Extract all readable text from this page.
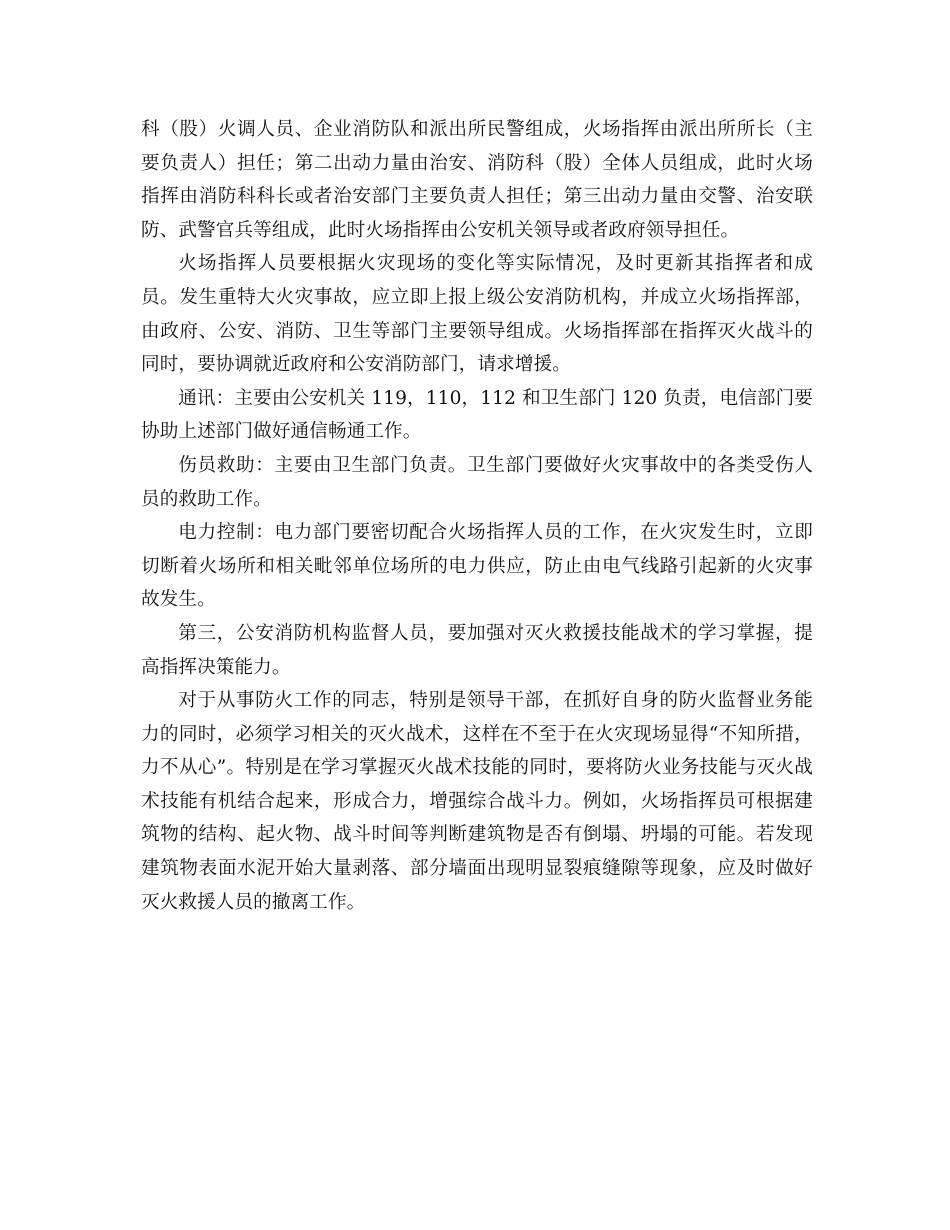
科（股）火调人员、企业消防队和派出所民警组成，火场指挥由派出所所长（主要负责人）担任；第二出动力量由治安、消防科（股）全体人员组成，此时火场指挥由消防科科长或者治安部门主要负责人担任；第三出动力量由交警、治安联防、武警官兵等组成，此时火场指挥由公安机关领导或者政府领导担任。

火场指挥人员要根据火灾现场的变化等实际情况，及时更新其指挥者和成员。发生重特大火灾事故，应立即上报上级公安消防机构，并成立火场指挥部，由政府、公安、消防、卫生等部门主要领导组成。火场指挥部在指挥灭火战斗的同时，要协调就近政府和公安消防部门，请求增援。

通讯：主要由公安机关 119，110，112 和卫生部门 120 负责，电信部门要协助上述部门做好通信畅通工作。

伤员救助：主要由卫生部门负责。卫生部门要做好火灾事故中的各类受伤人员的救助工作。

电力控制：电力部门要密切配合火场指挥人员的工作，在火灾发生时，立即切断着火场所和相关毗邻单位场所的电力供应，防止由电气线路引起新的火灾事故发生。

第三，公安消防机构监督人员，要加强对灭火救援技能战术的学习掌握，提高指挥决策能力。

对于从事防火工作的同志，特别是领导干部，在抓好自身的防火监督业务能力的同时，必须学习相关的灭火战术，这样在不至于在火灾现场显得“不知所措，力不从心”。特别是在学习掌握灭火战术技能的同时，要将防火业务技能与灭火战术技能有机结合起来，形成合力，增强综合战斗力。例如，火场指挥员可根据建筑物的结构、起火物、战斗时间等判断建筑物是否有倒塌、坍塌的可能。若发现建筑物表面水泥开始大量剥落、部分墙面出现明显裂痕缝隙等现象，应及时做好灭火救援人员的撤离工作。
